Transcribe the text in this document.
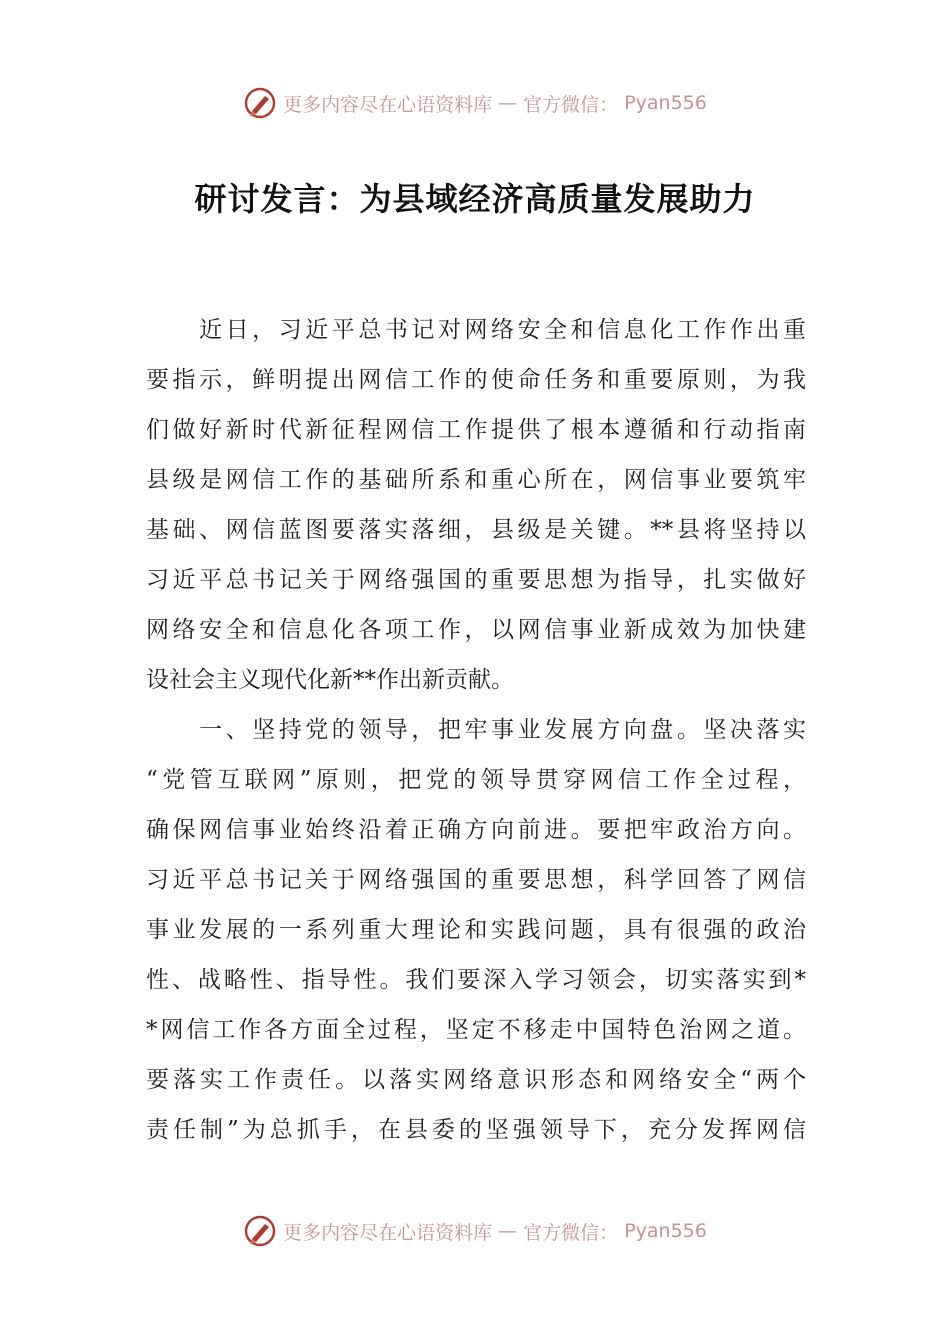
更多内容尽在心语资料库 — 官方微信： Pyan556
研讨发言：为县域经济高质量发展助力
　　近日，习近平总书记对网络安全和信息化工作作出重
要指示，鲜明提出网信工作的使命任务和重要原则，为我
们做好新时代新征程网信工作提供了根本遵循和行动指南
县级是网信工作的基础所系和重心所在，网信事业要筑牢
基础、网信蓝图要落实落细，县级是关键。**县将坚持以
习近平总书记关于网络强国的重要思想为指导，扎实做好
网络安全和信息化各项工作，以网信事业新成效为加快建
设社会主义现代化新**作出新贡献。
　　一、坚持党的领导，把牢事业发展方向盘。坚决落实
“党管互联网”原则，把党的领导贯穿网信工作全过程，
确保网信事业始终沿着正确方向前进。要把牢政治方向。
习近平总书记关于网络强国的重要思想，科学回答了网信
事业发展的一系列重大理论和实践问题，具有很强的政治
性、战略性、指导性。我们要深入学习领会，切实落实到*
*网信工作各方面全过程，坚定不移走中国特色治网之道。
要落实工作责任。以落实网络意识形态和网络安全“两个
责任制”为总抓手，在县委的坚强领导下，充分发挥网信
更多内容尽在心语资料库 — 官方微信： Pyan556
